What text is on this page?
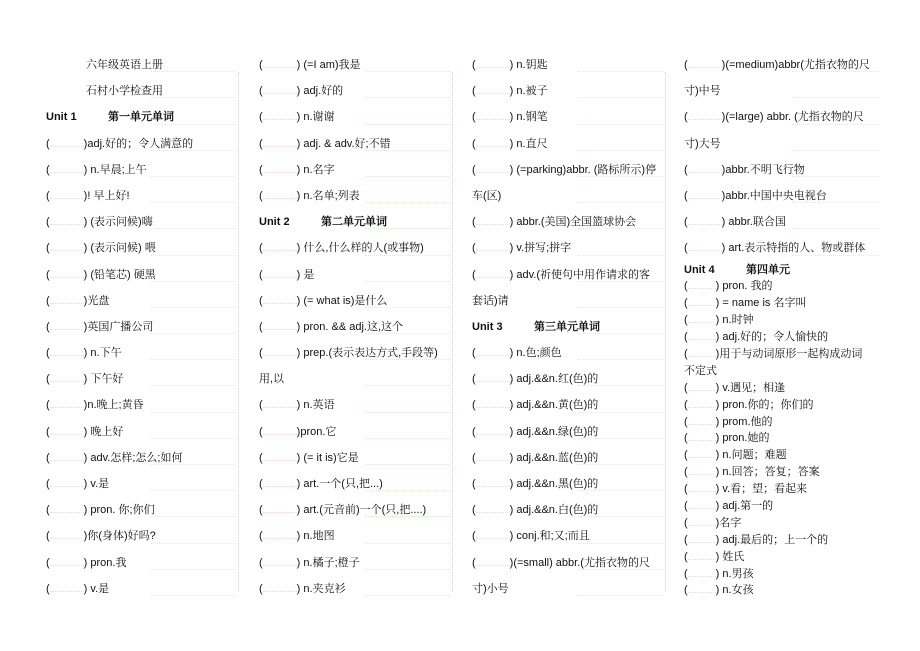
六年级英语上册
石村小学检查用
Unit 1	第一单元单词
(	)adj.好的；令人满意的
(	) n.早晨;上午
(	)! 早上好!
(	) (表示问候)嗨
(	) (表示问候) 喂
(	) (铅笔芯) 硬黑
(	)光盘
(	)英国广播公司
(	) n.下午
(	) 下午好
(	)n.晚上;黄昏
(	) 晚上好
(	) adv.怎样;怎么;如何
(	) v.是
(	) pron. 你;你们
(	)你(身体)好吗?
(	) pron.我
(	) v.是
(	) (=I am)我是
(	) adj.好的
(	) n.谢谢
(	) adj. & adv.好;不错
(	) n.名字
(	) n.名单;列表
Unit 2	第二单元单词
(	) 什么,什么样的人(或事物)
(	) 是
(	) (= what is)是什么
(	) pron. && adj.这,这个
(	) prep.(表示表达方式,手段等)
用,以
(	) n.英语
(	)pron.它
(	) (= it is)它是
(	) art.一个(只,把...)
(	) art.(元音前)一个(只,把....)
(	) n.地图
(	) n.橘子;橙子
(	) n.夹克衫
(	) n.钥匙
(	) n.被子
(	) n.钢笔
(	) n.直尺
(	) (=parking)abbr. (路标所示)停
车(区)
(	) abbr.(美国)全国篮球协会
(	) v.拼写;拼字
(	) adv.(祈使句中用作请求的客
套话)请
Unit 3	第三单元单词
(	) n.色;颜色
(	) adj.&&n.红(色)的
(	) adj.&&n.黄(色)的
(	) adj.&&n.绿(色)的
(	) adj.&&n.蓝(色)的
(	) adj.&&n.黑(色)的
(	) adj.&&n.白(色)的
(	) conj.和;又;而且
(	)(=small) abbr.(尤指衣物的尺
寸)小号
(	)(=medium)abbr(尤指衣物的尺
寸)中号
(	)(=large) abbr. (尤指衣物的尺
寸)大号
(	)abbr.不明飞行物
(	)abbr.中国中央电视台
(	) abbr.联合国
(	) art.表示特指的人、物或群体
Unit 4	第四单元
(	) pron. 我的
(	) = name is 名字叫
(	) n.时钟
(	) adj.好的；令人愉快的
(	)用于与动词原形一起构成动词
不定式
(	) v.遇见；相逢
(	) pron.你的；你们的
(	) prom.他的
(	) pron.她的
(	) n.问题；难题
(	) n.回答；答复；答案
(	) v.看；望；看起来
(	) adj.第一的
(	)名字
(	) adj.最后的；上一个的
(	) 姓氏
(	) n.男孩
(	) n.女孩
